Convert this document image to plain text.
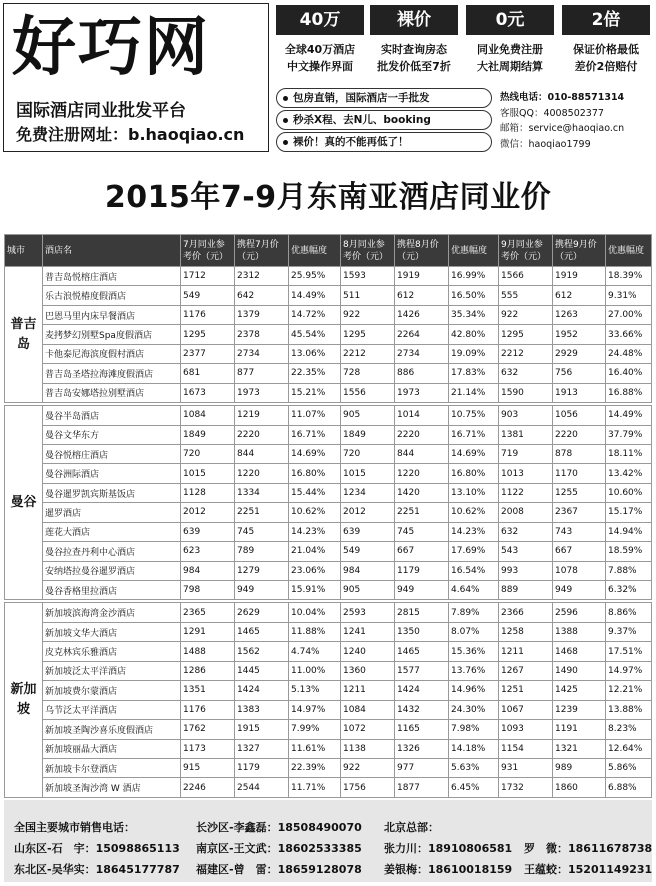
好巧网
国际酒店同业批发平台
免费注册网址：b.haoqiao.cn
40万
全球40万酒店
中文操作界面
裸价
实时查询房态
批发价低至7折
0元
同业免费注册
大社周期结算
2倍
保证价格最低
差价2倍赔付
包房直销，国际酒店一手批发
秒杀X程、去N儿、booking
裸价！真的不能再低了！
热线电话：010-88571314
客服QQ：4008502377
邮箱：service@haoqiao.cn
微信：haoqiao1799
2015年7-9月东南亚酒店同业价
城市	酒店名	7月同业参考价（元）	携程7月价（元）	优惠幅度	8月同业参考价（元）	携程8月价（元）	优惠幅度	9月同业参考价（元）	携程9月价（元）	优惠幅度
普吉岛	普吉岛悦榕庄酒店	1712	2312	25.95%	1593	1919	16.99%	1566	1919	18.39%
	乐古浪悦椿度假酒店	549	642	14.49%	511	612	16.50%	555	612	9.31%
	巴恩马里内床早餐酒店	1176	1379	14.72%	922	1426	35.34%	922	1263	27.00%
	麦拷梦幻别墅Spa度假酒店	1295	2378	45.54%	1295	2264	42.80%	1295	1952	33.66%
	卡他泰尼海滨度假村酒店	2377	2734	13.06%	2212	2734	19.09%	2212	2929	24.48%
	普吉岛圣塔拉海滩度假酒店	681	877	22.35%	728	886	17.83%	632	756	16.40%
	普吉岛安娜塔拉别墅酒店	1673	1973	15.21%	1556	1973	21.14%	1590	1913	16.88%

曼谷	曼谷半岛酒店	1084	1219	11.07%	905	1014	10.75%	903	1056	14.49%
	曼谷文华东方	1849	2220	16.71%	1849	2220	16.71%	1381	2220	37.79%
	曼谷悦榕庄酒店	720	844	14.69%	720	844	14.69%	719	878	18.11%
	曼谷洲际酒店	1015	1220	16.80%	1015	1220	16.80%	1013	1170	13.42%
	曼谷暹罗凯宾斯基饭店	1128	1334	15.44%	1234	1420	13.10%	1122	1255	10.60%
	暹罗酒店	2012	2251	10.62%	2012	2251	10.62%	2008	2367	15.17%
	莲花大酒店	639	745	14.23%	639	745	14.23%	632	743	14.94%
	曼谷拉查丹利中心酒店	623	789	21.04%	549	667	17.69%	543	667	18.59%
	安纳塔拉曼谷暹罗酒店	984	1279	23.06%	984	1179	16.54%	993	1078	7.88%
	曼谷香格里拉酒店	798	949	15.91%	905	949	4.64%	889	949	6.32%

新加坡	新加坡滨海湾金沙酒店	2365	2629	10.04%	2593	2815	7.89%	2366	2596	8.86%
	新加坡文华大酒店	1291	1465	11.88%	1241	1350	8.07%	1258	1388	9.37%
	皮克林宾乐雅酒店	1488	1562	4.74%	1240	1465	15.36%	1211	1468	17.51%
	新加坡泛太平洋酒店	1286	1445	11.00%	1360	1577	13.76%	1267	1490	14.97%
	新加坡费尔蒙酒店	1351	1424	5.13%	1211	1424	14.96%	1251	1425	12.21%
	乌节泛太平洋酒店	1176	1383	14.97%	1084	1432	24.30%	1067	1239	13.88%
	新加坡圣陶沙喜乐度假酒店	1762	1915	7.99%	1072	1165	7.98%	1093	1191	8.23%
	新加坡丽晶大酒店	1173	1327	11.61%	1138	1326	14.18%	1154	1321	12.64%
	新加坡卡尔登酒店	915	1179	22.39%	922	977	5.63%	931	989	5.86%
	新加坡圣淘沙湾 W 酒店	2246	2544	11.71%	1756	1877	6.45%	1732	1860	6.88%
全国主要城市销售电话：	长沙区-李鑫磊：18508490070 北京总部：
山东区-石　宇：15098865113 南京区-王文武：18602533385 张力川：18910806581 罗　微：18611678738
东北区-吴华实：18645177787 福建区-曾　雷：18659128078 姜银梅：18610018159 王蕴蛟：15201149231
